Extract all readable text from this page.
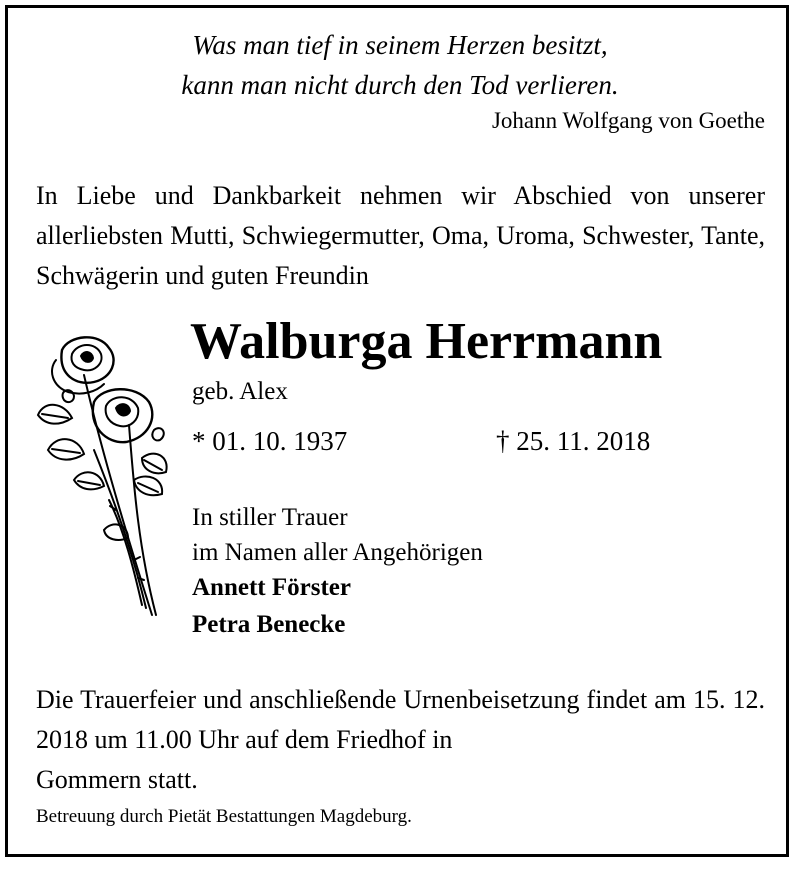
Was man tief in seinem Herzen besitzt,
kann man nicht durch den Tod verlieren.
Johann Wolfgang von Goethe
In Liebe und Dankbarkeit nehmen wir Abschied von unserer allerliebsten Mutti, Schwiegermutter, Oma, Uroma, Schwester, Tante, Schwägerin und guten Freundin
Walburga Herrmann
geb. Alex
* 01. 10. 1937	† 25. 11. 2018
In stiller Trauer
im Namen aller Angehörigen
Annett Förster
Petra Benecke
Die Trauerfeier und anschließende Urnenbeisetzung findet am 15. 12. 2018 um 11.00 Uhr auf dem Friedhof in
Gommern statt.
Betreuung durch Pietät Bestattungen Magdeburg.
